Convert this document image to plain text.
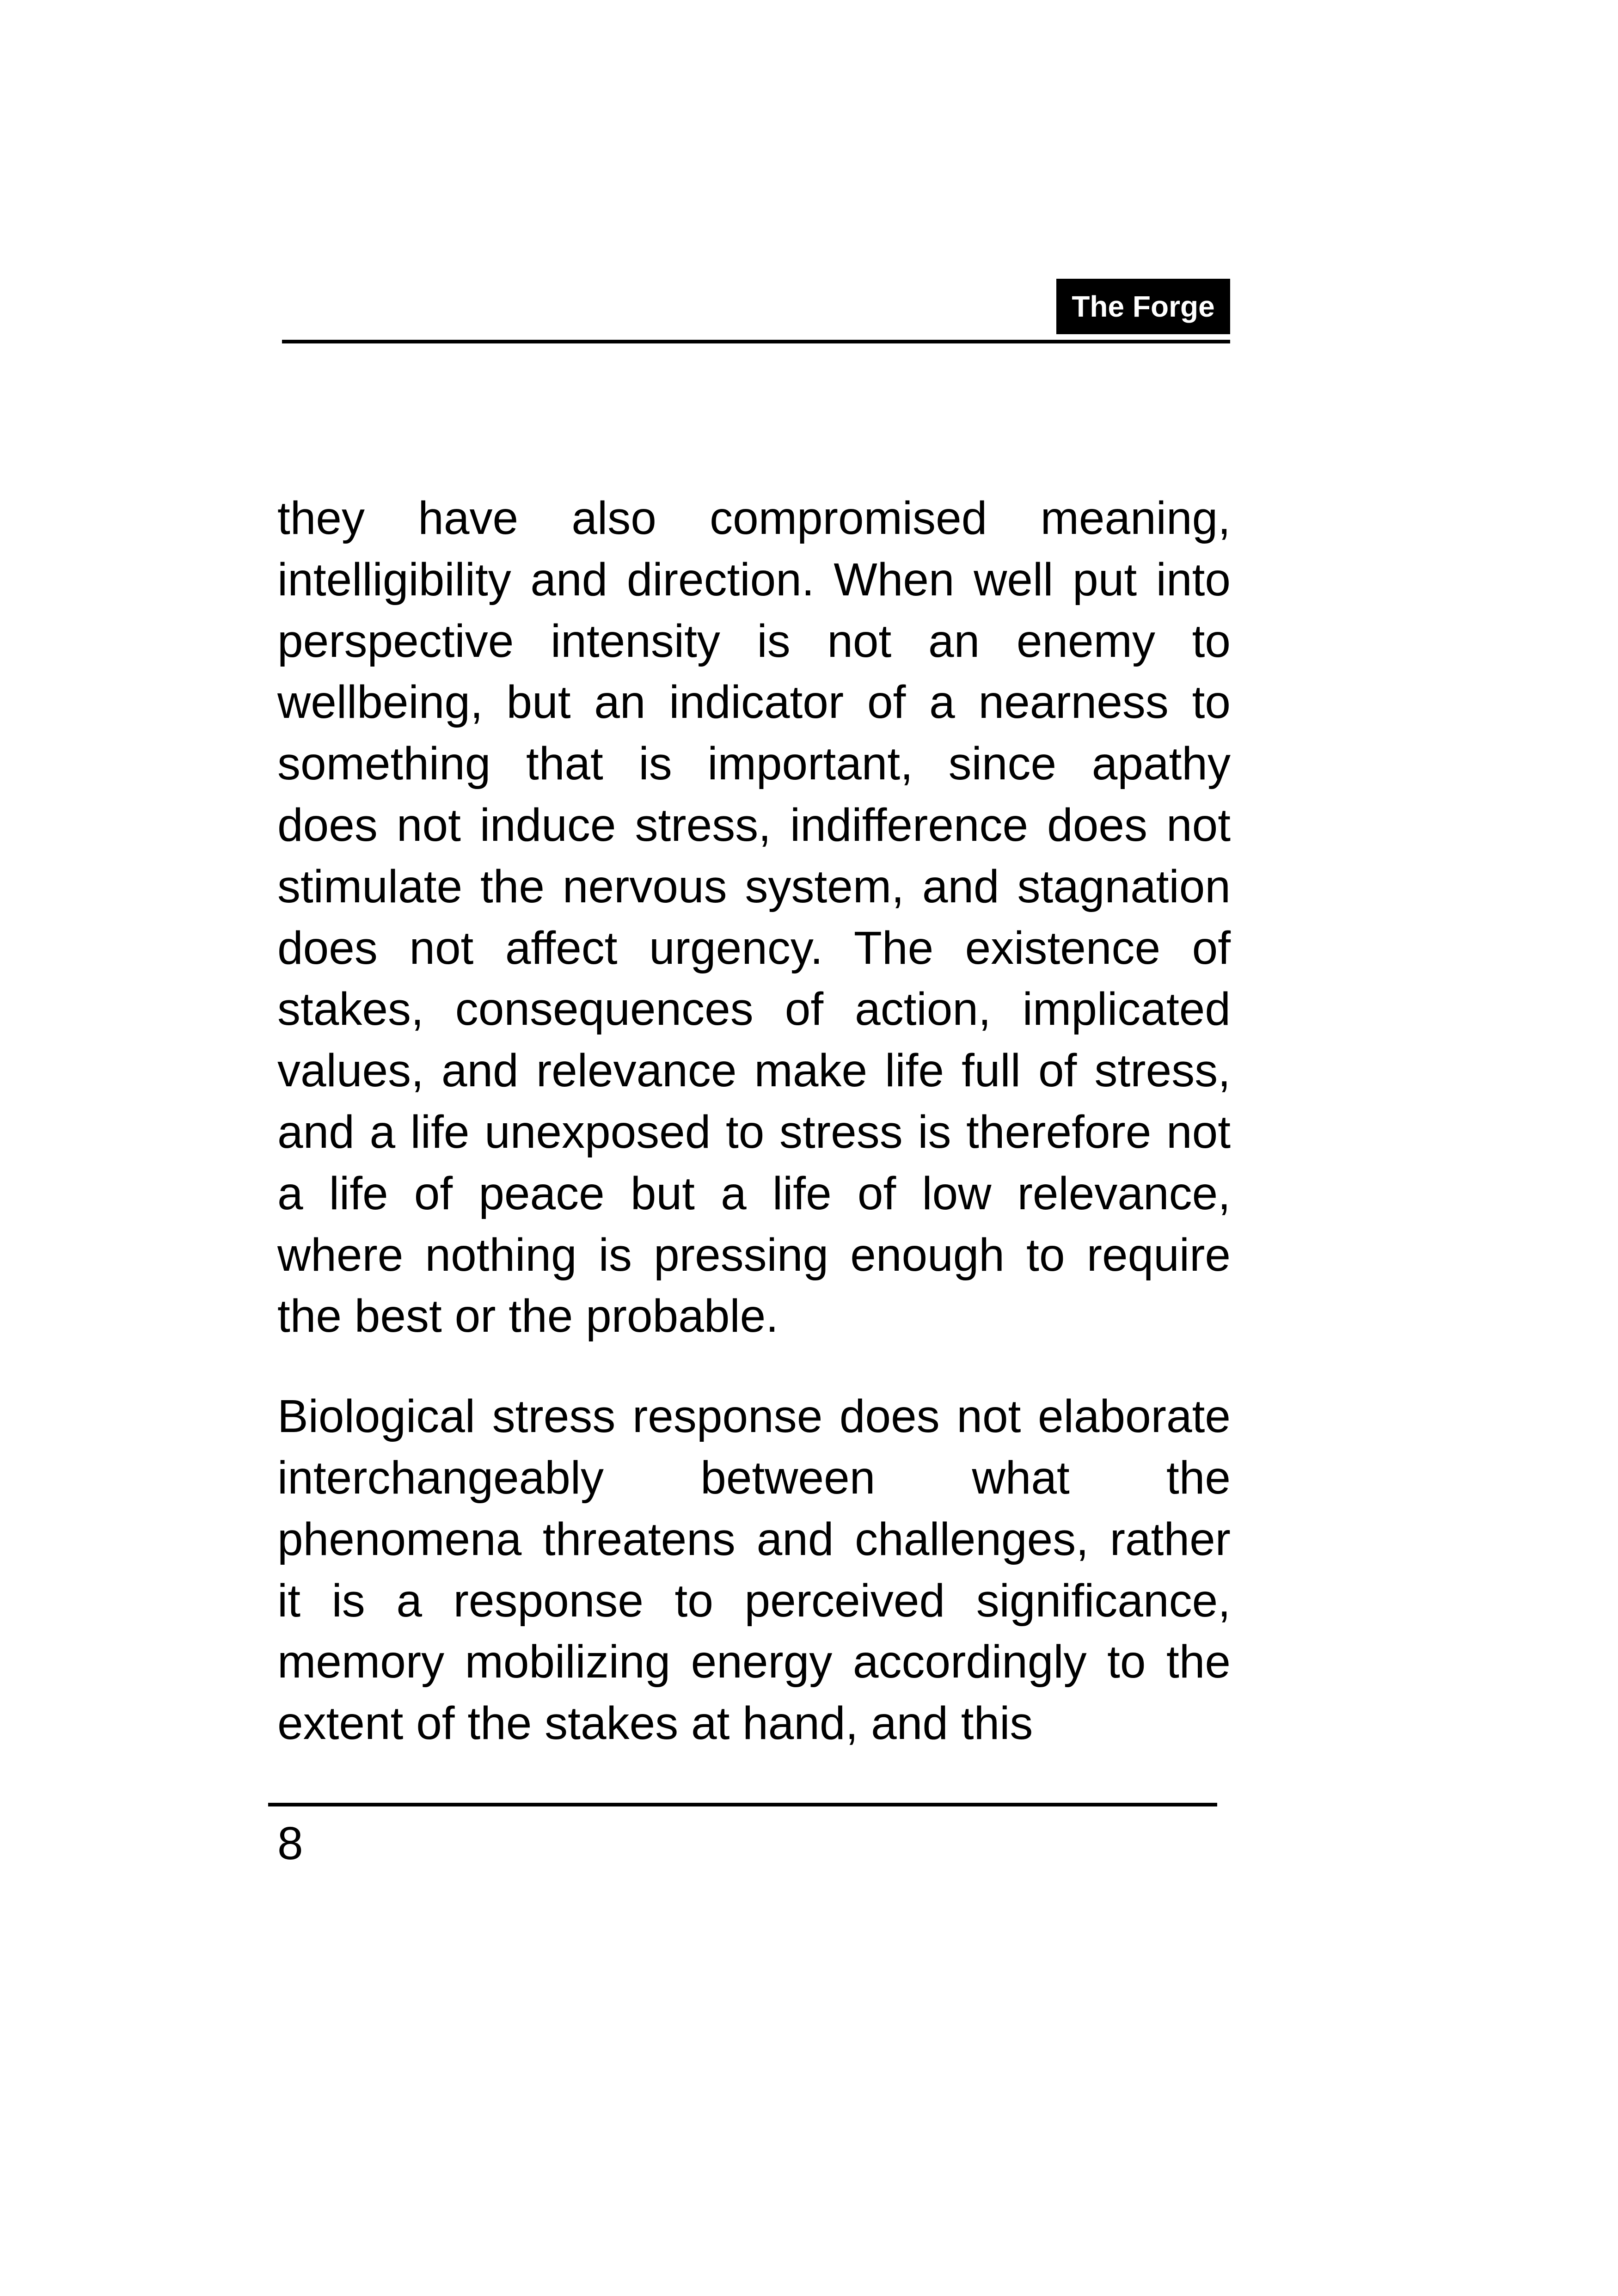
The Forge

they have also compromised meaning, intelligibility and direction. When well put into perspective intensity is not an enemy to wellbeing, but an indicator of a nearness to something that is important, since apathy does not induce stress, indifference does not stimulate the nervous system, and stagnation does not affect urgency. The existence of stakes, consequences of action, implicated values, and relevance make life full of stress, and a life unexposed to stress is therefore not a life of peace but a life of low relevance, where nothing is pressing enough to require the best or the probable.

Biological stress response does not elaborate interchangeably between what the phenomena threatens and challenges, rather it is a response to perceived significance, memory mobilizing energy accordingly to the extent of the stakes at hand, and this

8
